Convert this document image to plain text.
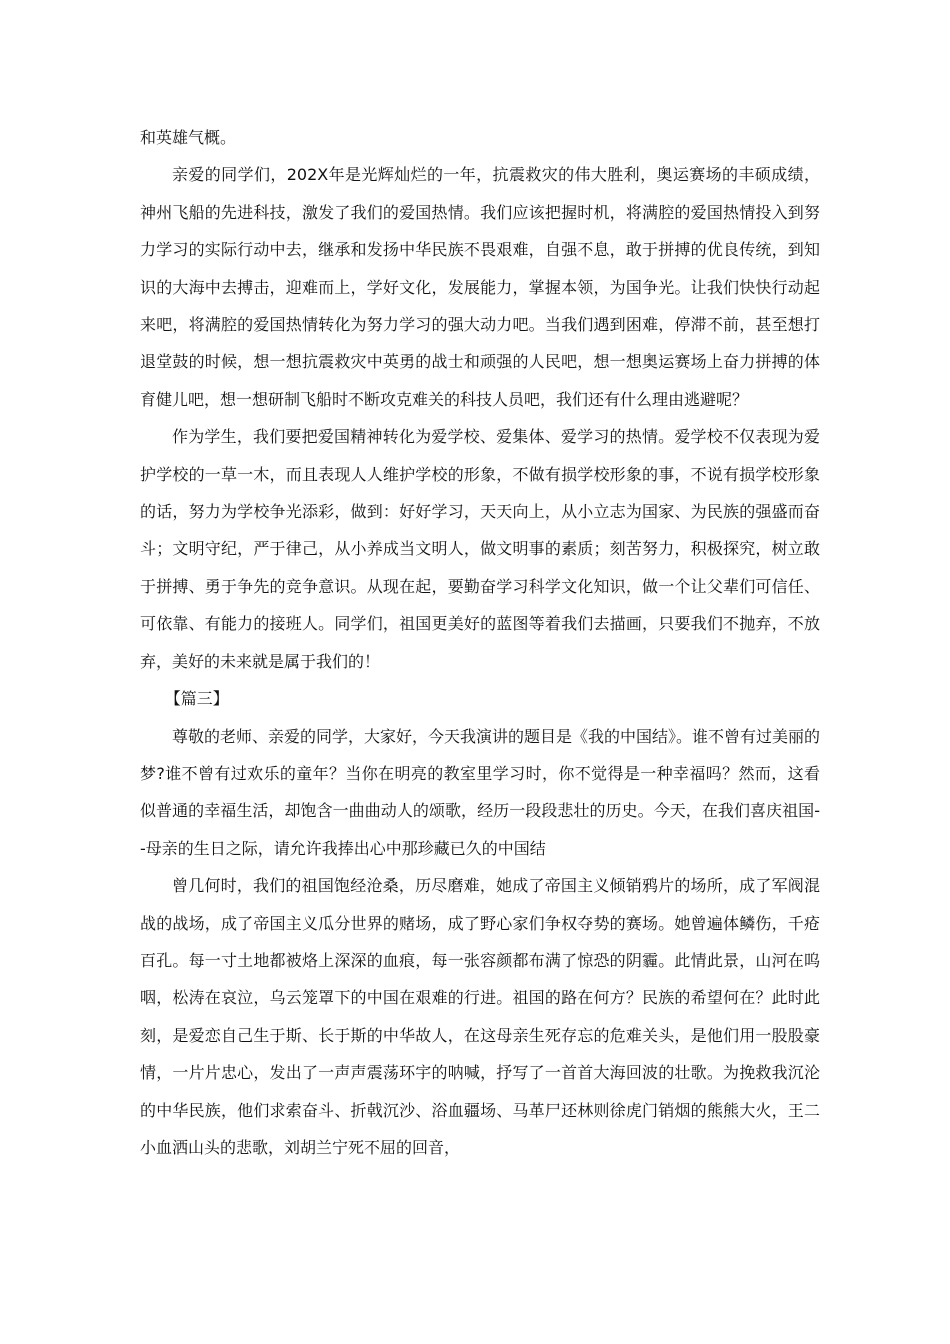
和英雄气概。

亲爱的同学们，202X年是光辉灿烂的一年，抗震救灾的伟大胜利，奥运赛场的丰硕成绩，神州飞船的先进科技，激发了我们的爱国热情。我们应该把握时机，将满腔的爱国热情投入到努力学习的实际行动中去，继承和发扬中华民族不畏艰难，自强不息，敢于拼搏的优良传统，到知识的大海中去搏击，迎难而上，学好文化，发展能力，掌握本领，为国争光。让我们快快行动起来吧，将满腔的爱国热情转化为努力学习的强大动力吧。当我们遇到困难，停滞不前，甚至想打退堂鼓的时候，想一想抗震救灾中英勇的战士和顽强的人民吧，想一想奥运赛场上奋力拼搏的体育健儿吧，想一想研制飞船时不断攻克难关的科技人员吧，我们还有什么理由逃避呢？

作为学生，我们要把爱国精神转化为爱学校、爱集体、爱学习的热情。爱学校不仅表现为爱护学校的一草一木，而且表现人人维护学校的形象，不做有损学校形象的事，不说有损学校形象的话，努力为学校争光添彩，做到：好好学习，天天向上，从小立志为国家、为民族的强盛而奋斗；文明守纪，严于律己，从小养成当文明人，做文明事的素质；刻苦努力，积极探究，树立敢于拼搏、勇于争先的竞争意识。从现在起，要勤奋学习科学文化知识，做一个让父辈们可信任、可依靠、有能力的接班人。同学们，祖国更美好的蓝图等着我们去描画，只要我们不抛弃，不放弃，美好的未来就是属于我们的！

【篇三】

尊敬的老师、亲爱的同学，大家好，今天我演讲的题目是《我的中国结》。谁不曾有过美丽的梦?谁不曾有过欢乐的童年？当你在明亮的教室里学习时，你不觉得是一种幸福吗？然而，这看似普通的幸福生活，却饱含一曲曲动人的颂歌，经历一段段悲壮的历史。今天，在我们喜庆祖国--母亲的生日之际，请允许我捧出心中那珍藏已久的中国结

曾几何时，我们的祖国饱经沧桑，历尽磨难，她成了帝国主义倾销鸦片的场所，成了军阀混战的战场，成了帝国主义瓜分世界的赌场，成了野心家们争权夺势的赛场。她曾遍体鳞伤，千疮百孔。每一寸土地都被烙上深深的血痕，每一张容颜都布满了惊恐的阴霾。此情此景，山河在呜咽，松涛在哀泣，乌云笼罩下的中国在艰难的行进。祖国的路在何方？民族的希望何在？此时此刻，是爱恋自己生于斯、长于斯的中华故人，在这母亲生死存忘的危难关头，是他们用一股股豪情，一片片忠心，发出了一声声震荡环宇的呐喊，抒写了一首首大海回波的壮歌。为挽救我沉沦的中华民族，他们求索奋斗、折戟沉沙、浴血疆场、马革尸还林则徐虎门销烟的熊熊大火，王二小血洒山头的悲歌，刘胡兰宁死不屈的回音，
